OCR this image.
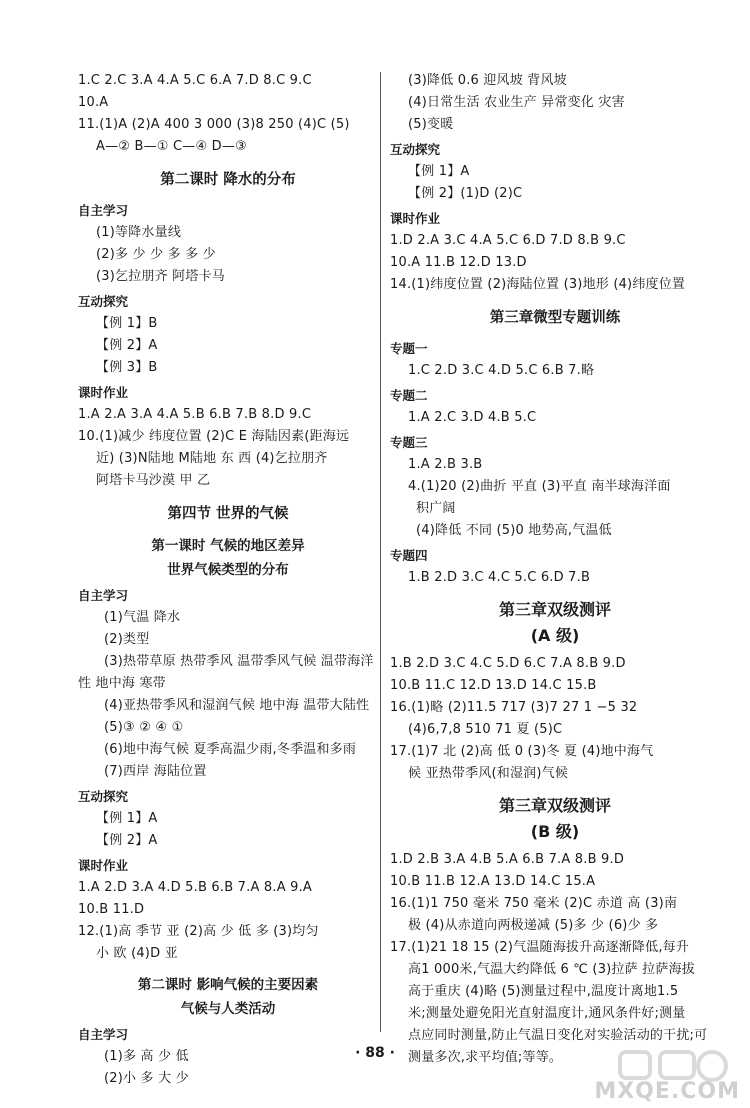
1.C 2.C 3.A 4.A 5.C 6.A 7.D 8.C 9.C
10.A
11.(1)A (2)A 400 3 000 (3)8 250 (4)C (5)
A—② B—① C—④ D—③
第二课时 降水的分布
自主学习
(1)等降水量线
(2)多 少 少 多 多 少
(3)乞拉朋齐 阿塔卡马
互动探究
【例 1】B
【例 2】A
【例 3】B
课时作业
1.A 2.A 3.A 4.A 5.B 6.B 7.B 8.D 9.C
10.(1)减少 纬度位置 (2)C E 海陆因素(距海远
近) (3)N陆地 M陆地 东 西 (4)乞拉朋齐
阿塔卡马沙漠 甲 乙
第四节 世界的气候
第一课时 气候的地区差异
世界气候类型的分布
自主学习
(1)气温 降水
(2)类型
(3)热带草原 热带季风 温带季风气候 温带海洋
性 地中海 寒带
(4)亚热带季风和湿润气候 地中海 温带大陆性
(5)③ ② ④ ①
(6)地中海气候 夏季高温少雨,冬季温和多雨
(7)西岸 海陆位置
互动探究
【例 1】A
【例 2】A
课时作业
1.A 2.D 3.A 4.D 5.B 6.B 7.A 8.A 9.A
10.B 11.D
12.(1)高 季节 亚 (2)高 少 低 多 (3)均匀
小 欧 (4)D 亚
第二课时 影响气候的主要因素
气候与人类活动
自主学习
(1)多 高 少 低
(2)小 多 大 少
(3)降低 0.6 迎风坡 背风坡
(4)日常生活 农业生产 异常变化 灾害
(5)变暖
互动探究
【例 1】A
【例 2】(1)D (2)C
课时作业
1.D 2.A 3.C 4.A 5.C 6.D 7.D 8.B 9.C
10.A 11.B 12.D 13.D
14.(1)纬度位置 (2)海陆位置 (3)地形 (4)纬度位置
第三章微型专题训练
专题一
1.C 2.D 3.C 4.D 5.C 6.B 7.略
专题二
1.A 2.C 3.D 4.B 5.C
专题三
1.A 2.B 3.B
4.(1)20 (2)曲折 平直 (3)平直 南半球海洋面
积广阔
(4)降低 不同 (5)0 地势高,气温低
专题四
1.B 2.D 3.C 4.C 5.C 6.D 7.B
第三章双级测评
(A 级)
1.B 2.D 3.C 4.C 5.D 6.C 7.A 8.B 9.D
10.B 11.C 12.D 13.D 14.C 15.B
16.(1)略 (2)11.5 717 (3)7 27 1 −5 32
(4)6,7,8 510 71 夏 (5)C
17.(1)7 北 (2)高 低 0 (3)冬 夏 (4)地中海气
候 亚热带季风(和湿润)气候
第三章双级测评
(B 级)
1.D 2.B 3.A 4.B 5.A 6.B 7.A 8.B 9.D
10.B 11.B 12.A 13.D 14.C 15.A
16.(1)1 750 毫米 750 毫米 (2)C 赤道 高 (3)南
极 (4)从赤道向两极递减 (5)多 少 (6)少 多
17.(1)21 18 15 (2)气温随海拔升高逐渐降低,每升
高1 000米,气温大约降低 6 ℃ (3)拉萨 拉萨海拔
高于重庆 (4)略 (5)测量过程中,温度计离地1.5
米;测量处避免阳光直射温度计,通风条件好;测量
点应同时测量,防止气温日变化对实验活动的干扰;可
测量多次,求平均值;等等。
· 88 ·
MXQE.COM
